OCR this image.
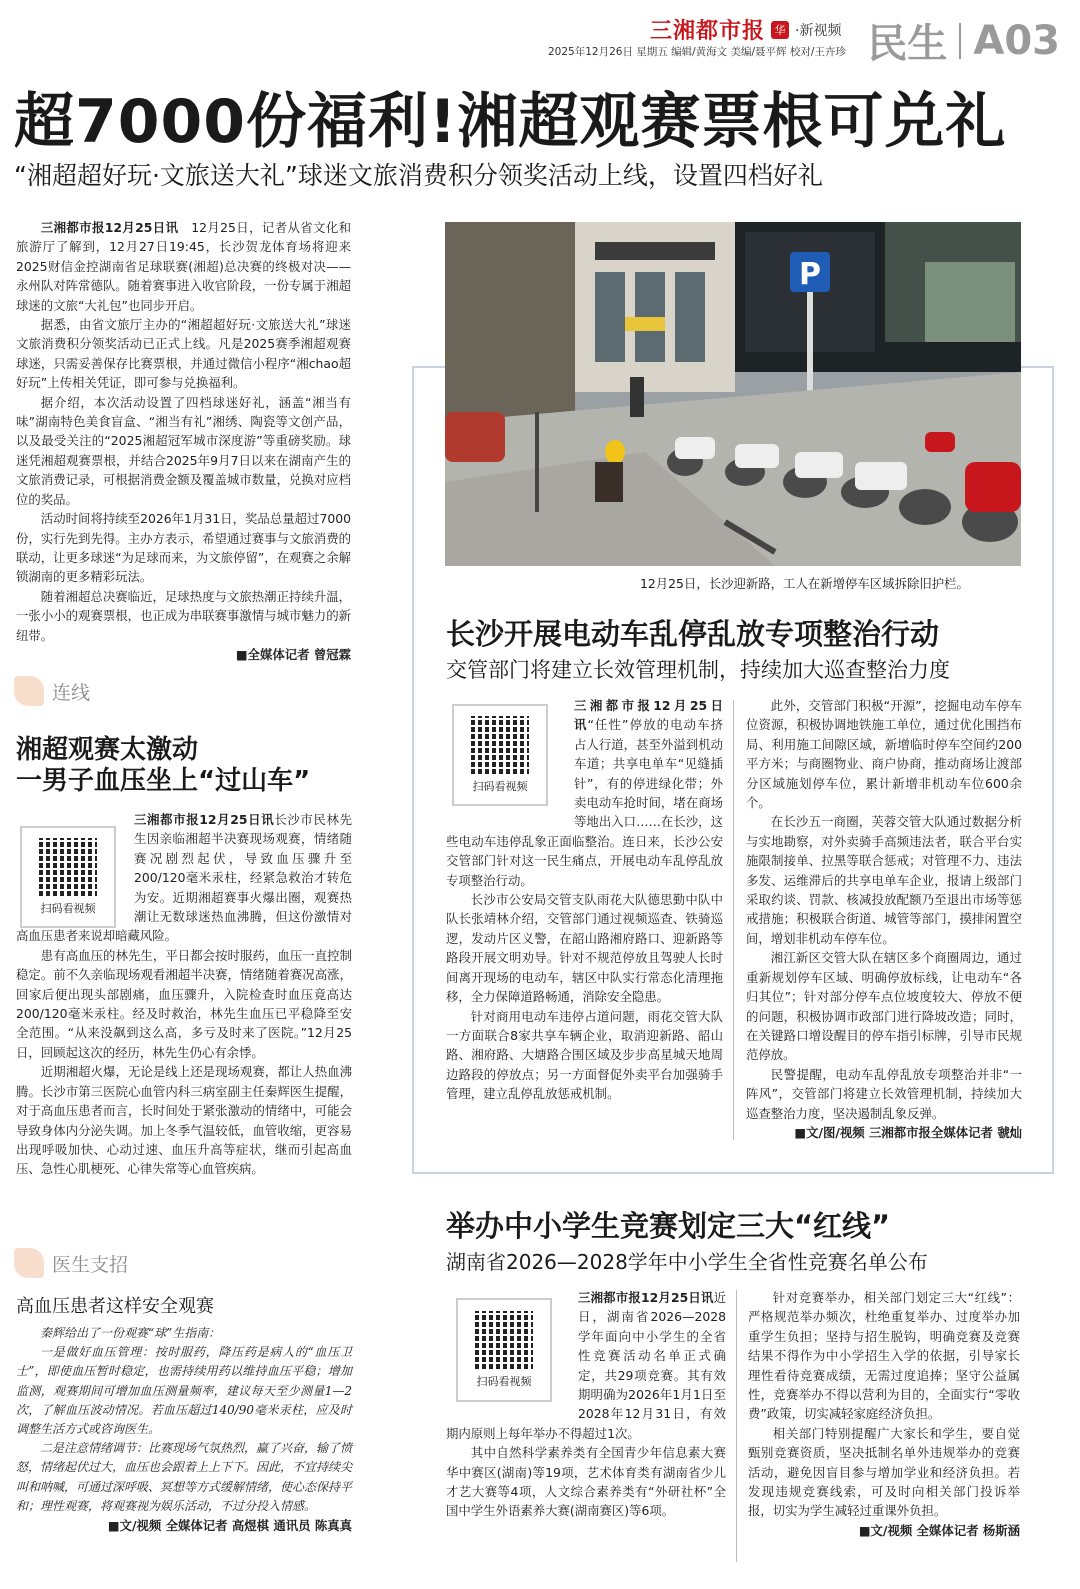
三湘都市报 华 ·新视频 民生 A03
2025年12月26日 星期五 编辑/黄海文 美编/聂平辉 校对/王卉珍
超7000份福利!湘超观赛票根可兑礼
“湘超超好玩·文旅送大礼”球迷文旅消费积分领奖活动上线，设置四档好礼

三湘都市报12月25日讯　 12月25日，记者从省文化和旅游厅了解到，12月27日19:45，长沙贺龙体育场将迎来2025财信金控湖南省足球联赛(湘超)总决赛的终极对决——永州队对阵常德队。随着赛事进入收官阶段，一份专属于湘超球迷的文旅“大礼包”也同步开启。

据悉，由省文旅厅主办的“湘超超好玩·文旅送大礼”球迷文旅消费积分领奖活动已正式上线。凡是2025赛季湘超观赛球迷，只需妥善保存比赛票根，并通过微信小程序“湘chao超好玩”上传相关凭证，即可参与兑换福利。

据介绍，本次活动设置了四档球迷好礼，涵盖“湘当有味”湖南特色美食盲盒、“湘当有礼”湘绣、陶瓷等文创产品，以及最受关注的“2025湘超冠军城市深度游”等重磅奖励。球迷凭湘超观赛票根，并结合2025年9月7日以来在湖南产生的文旅消费记录，可根据消费金额及覆盖城市数量，兑换对应档位的奖品。

活动时间将持续至2026年1月31日，奖品总量超过7000份，实行先到先得。主办方表示，希望通过赛事与文旅消费的联动，让更多球迷“为足球而来，为文旅停留”，在观赛之余解锁湖南的更多精彩玩法。

随着湘超总决赛临近，足球热度与文旅热潮正持续升温，一张小小的观赛票根，也正成为串联赛事激情与城市魅力的新纽带。

■全媒体记者 曾冠霖
连线
湘超观赛太激动
一男子血压坐上“过山车”
扫码看视频

三湘都市报12月25日讯长沙市民林先生因亲临湘超半决赛现场观赛，情绪随赛况剧烈起伏，导致血压骤升至200/120毫米汞柱，经紧急救治才转危为安。近期湘超赛事火爆出圈，观赛热潮让无数球迷热血沸腾，但这份激情对高血压患者来说却暗藏风险。

患有高血压的林先生，平日都会按时服药，血压一直控制稳定。前不久亲临现场观看湘超半决赛，情绪随着赛况高涨，回家后便出现头部剧痛，血压骤升，入院检查时血压竟高达200/120毫米汞柱。经及时救治，林先生血压已平稳降至安全范围。“从来没飙到这么高，多亏及时来了医院。”12月25日，回顾起这次的经历，林先生仍心有余悸。

近期湘超火爆，无论是线上还是现场观赛，都让人热血沸腾。长沙市第三医院心血管内科三病室副主任秦辉医生提醒，对于高血压患者而言，长时间处于紧张激动的情绪中，可能会导致身体内分泌失调。加上冬季气温较低，血管收缩，更容易出现呼吸加快、心动过速、血压升高等症状，继而引起高血压、急性心肌梗死、心律失常等心血管疾病。

医生支招
高血压患者这样安全观赛

秦辉给出了一份观赛“球”生指南：

一是做好血压管理：按时服药，降压药是病人的“血压卫士”，即使血压暂时稳定，也需持续用药以维持血压平稳；增加监测，观赛期间可增加血压测量频率，建议每天至少测量1—2次，了解血压波动情况。若血压超过140/90毫米汞柱，应及时调整生活方式或咨询医生。

二是注意情绪调节：比赛现场气氛热烈，赢了兴奋，输了愤怒，情绪起伏过大，血压也会跟着上上下下。因此，不宜持续尖叫和呐喊，可通过深呼吸、冥想等方式缓解情绪，使心态保持平和；理性观赛，将观赛视为娱乐活动，不过分投入情感。

■文/视频 全媒体记者 高煜棋 通讯员 陈真真
P
12月25日，长沙迎新路，工人在新增停车区域拆除旧护栏。
长沙开展电动车乱停乱放专项整治行动
交管部门将建立长效管理机制，持续加大巡查整治力度
扫码看视频

三湘都市报12月25日讯“任性”停放的电动车挤占人行道，甚至外溢到机动车道；共享电单车“见缝插针”，有的停进绿化带；外卖电动车抢时间，堵在商场等地出入口……在长沙，这些电动车违停乱象正面临整治。连日来，长沙公安交管部门针对这一民生痛点，开展电动车乱停乱放专项整治行动。

长沙市公安局交管支队雨花大队德思勤中队中队长张靖林介绍，交管部门通过视频巡查、铁骑巡逻，发动片区义警，在韶山路湘府路口、迎新路等路段开展文明劝导。针对不规范停放且驾驶人长时间离开现场的电动车，辖区中队实行常态化清理拖移，全力保障道路畅通，消除安全隐患。

针对商用电动车违停占道问题，雨花交管大队一方面联合8家共享车辆企业，取消迎新路、韶山路、湘府路、大塘路合围区域及步步高星城天地周边路段的停放点；另一方面督促外卖平台加强骑手管理，建立乱停乱放惩戒机制。

此外，交管部门积极“开源”，挖掘电动车停车位资源，积极协调地铁施工单位，通过优化围挡布局、利用施工间隙区域，新增临时停车空间约200平方米；与商圈物业、商户协商，推动商场让渡部分区域施划停车位，累计新增非机动车位600余个。

在长沙五一商圈，芙蓉交管大队通过数据分析与实地勘察，对外卖骑手高频违法者，联合平台实施限制接单、拉黑等联合惩戒；对管理不力、违法多发、运维滞后的共享电单车企业，报请上级部门采取约谈、罚款、核减投放配额乃至退出市场等惩戒措施；积极联合街道、城管等部门，摸排闲置空间，增划非机动车停车位。

湘江新区交管大队在辖区多个商圈周边，通过重新规划停车区域、明确停放标线，让电动车“各归其位”；针对部分停车点位坡度较大、停放不便的问题，积极协调市政部门进行降坡改造；同时，在关键路口增设醒目的停车指引标牌，引导市民规范停放。

民警提醒，电动车乱停乱放专项整治并非“一阵风”，交管部门将建立长效管理机制，持续加大巡查整治力度，坚决遏制乱象反弹。

■文/图/视频 三湘都市报全媒体记者 虢灿
举办中小学生竞赛划定三大“红线”
湖南省2026—2028学年中小学生全省性竞赛名单公布
扫码看视频

三湘都市报12月25日讯近日，湖南省2026—2028学年面向中小学生的全省性竞赛活动名单正式确定，共29项竞赛。其有效期明确为2026年1月1日至2028年12月31日，有效期内原则上每年举办不得超过1次。

其中自然科学素养类有全国青少年信息素大赛华中赛区(湖南)等19项，艺术体育类有湖南省少儿才艺大赛等4项，人文综合素养类有“外研社杯”全国中学生外语素养大赛(湖南赛区)等6项。

针对竞赛举办，相关部门划定三大“红线”：严格规范举办频次，杜绝重复举办、过度举办加重学生负担；坚持与招生脱钩，明确竞赛及竞赛结果不得作为中小学招生入学的依据，引导家长理性看待竞赛成绩，无需过度追捧；坚守公益属性，竞赛举办不得以营利为目的，全面实行“零收费”政策，切实减轻家庭经济负担。

相关部门特别提醒广大家长和学生，要自觉甄别竞赛资质，坚决抵制名单外违规举办的竞赛活动，避免因盲目参与增加学业和经济负担。若发现违规竞赛线索，可及时向相关部门投诉举报，切实为学生减轻过重课外负担。

■文/视频 全媒体记者 杨斯涵
